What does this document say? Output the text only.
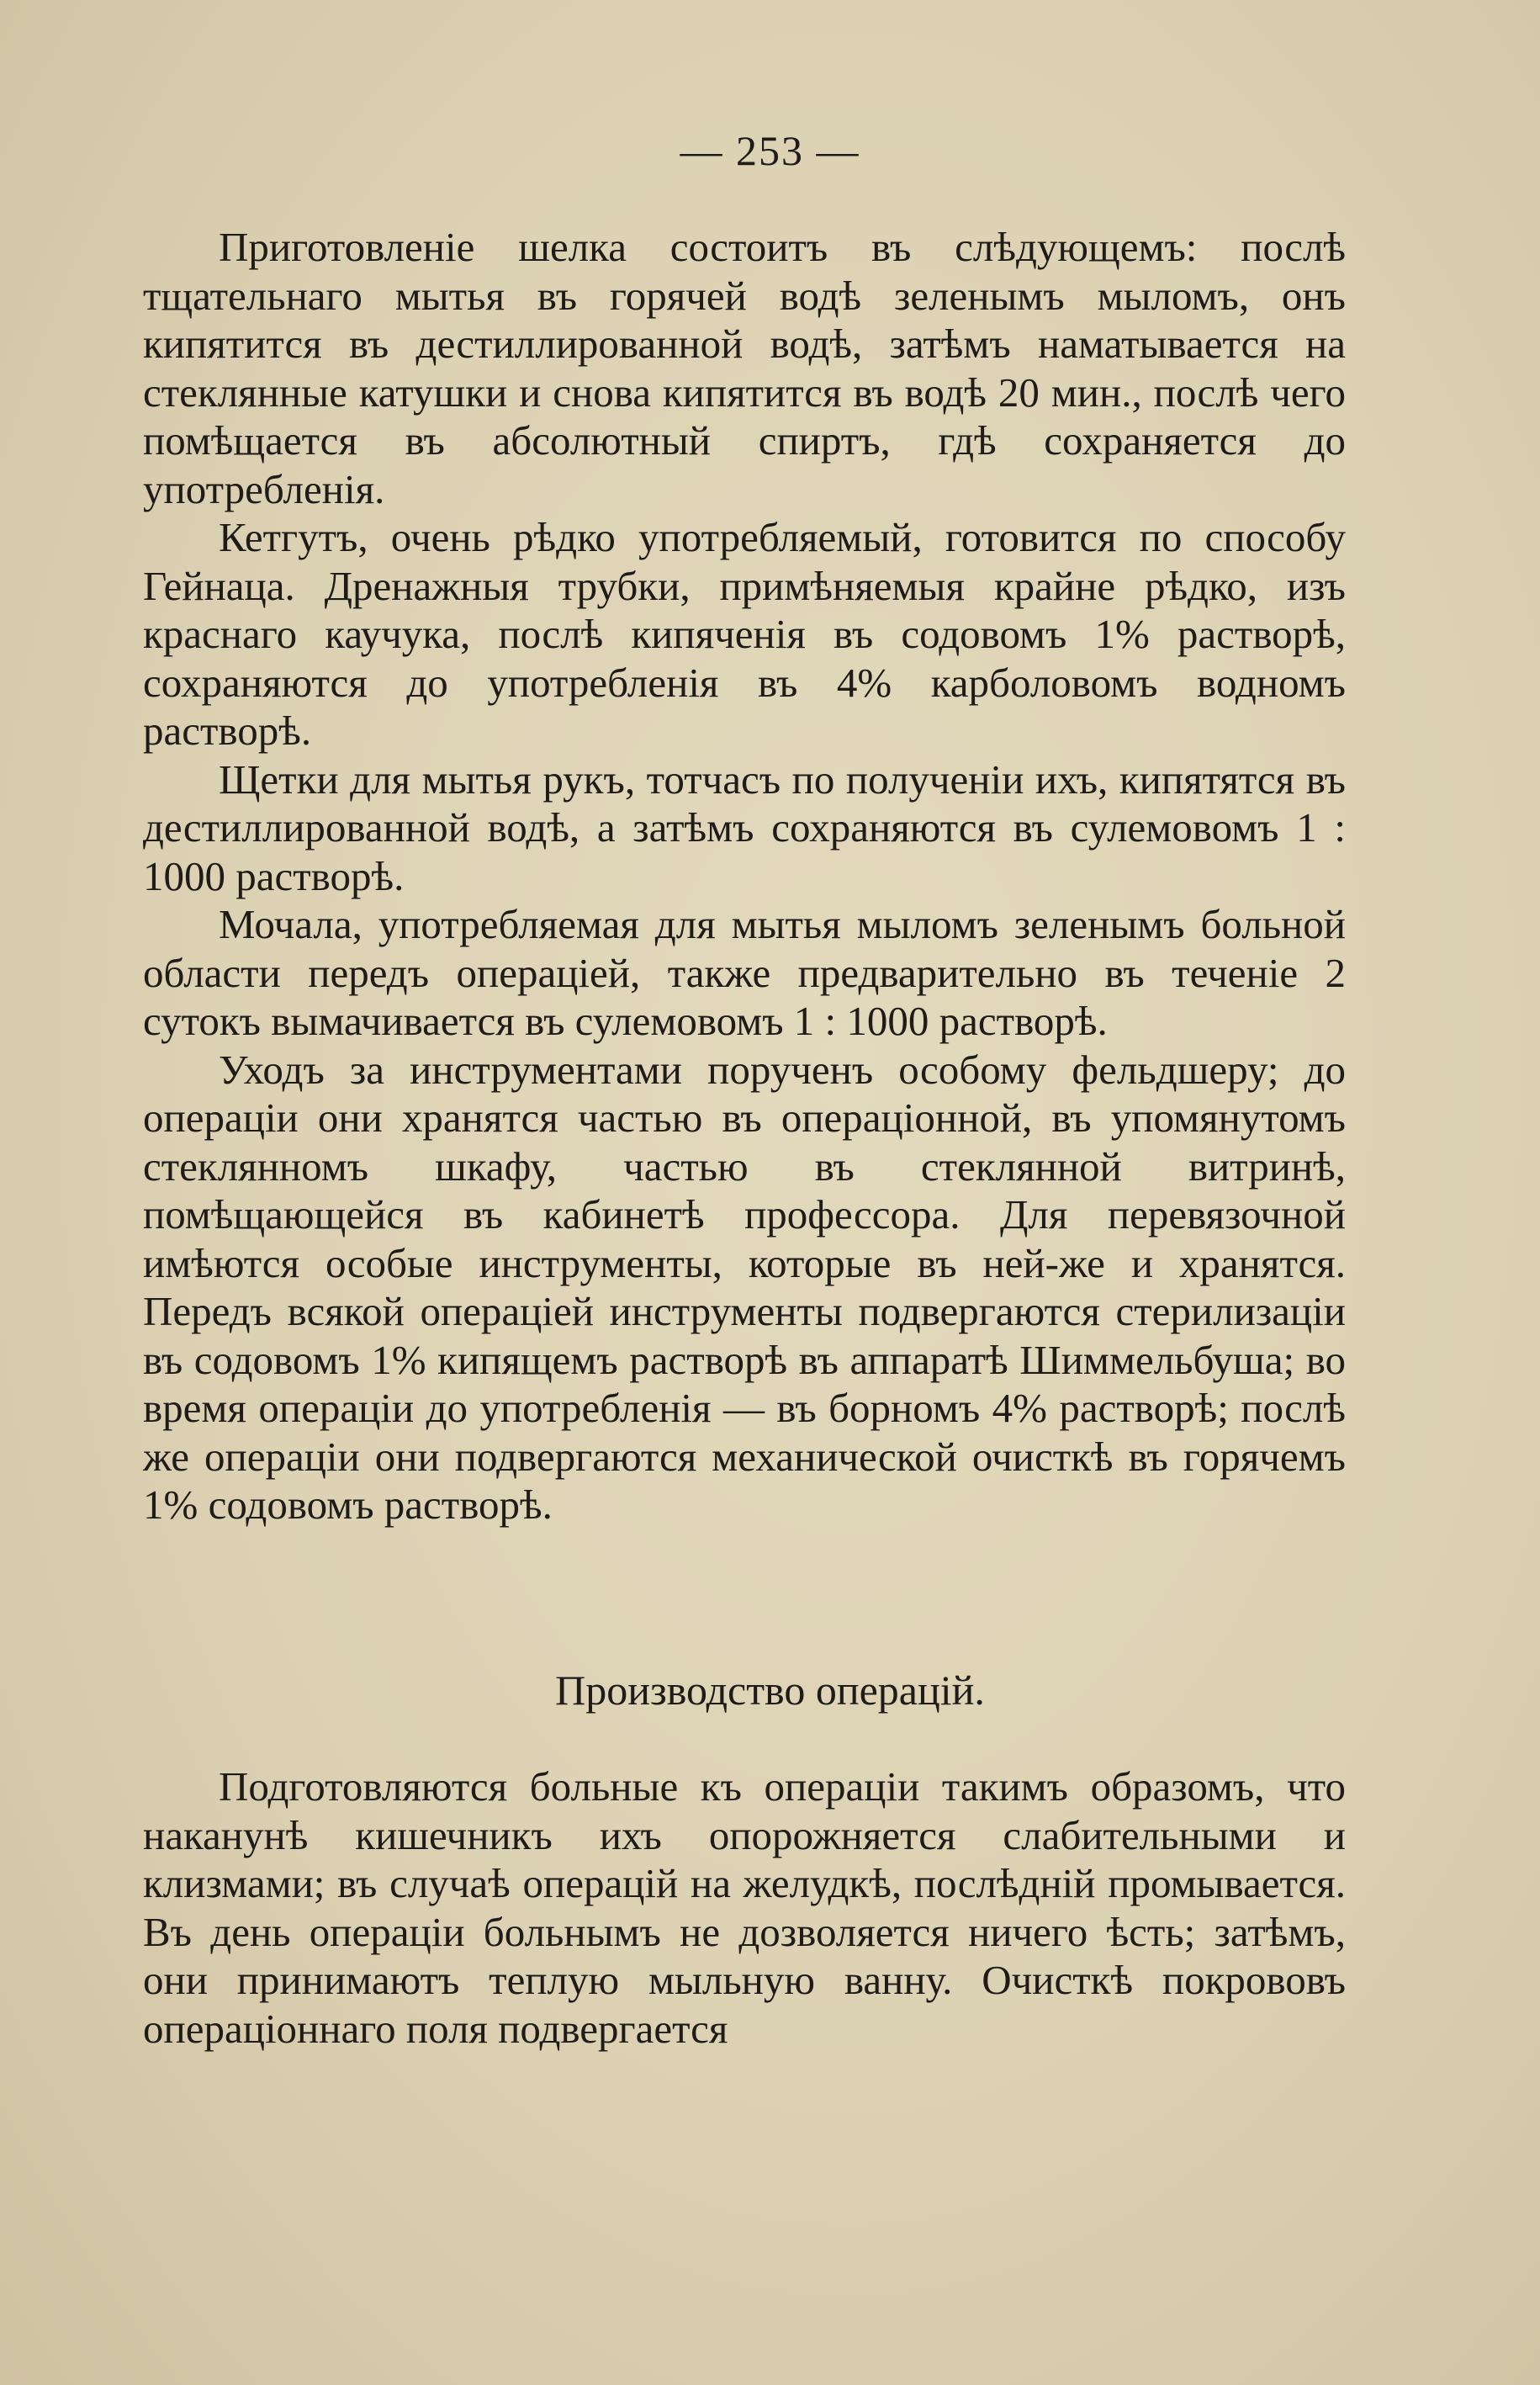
— 253 —

Приготовленіе шелка состоитъ въ слѣдующемъ: послѣ тщательнаго мытья въ горячей водѣ зеленымъ мыломъ, онъ кипятится въ дестиллированной водѣ, затѣмъ наматывается на стеклянные катушки и снова кипятится въ водѣ 20 мин., послѣ чего помѣщается въ абсолютный спиртъ, гдѣ сохраняется до употребленія.

Кетгутъ, очень рѣдко употребляемый, готовится по способу Гейнаца. Дренажныя трубки, примѣняемыя крайне рѣдко, изъ краснаго каучука, послѣ кипяченія въ содовомъ 1% растворѣ, сохраняются до употребленія въ 4% карболовомъ водномъ растворѣ.

Щетки для мытья рукъ, тотчасъ по полученіи ихъ, кипятятся въ дестиллированной водѣ, а затѣмъ сохраняются въ сулемовомъ 1 : 1000 растворѣ.

Мочала, употребляемая для мытья мыломъ зеленымъ больной области передъ операціей, также предварительно въ теченіе 2 сутокъ вымачивается въ сулемовомъ 1 : 1000 растворѣ.

Уходъ за инструментами порученъ особому фельдшеру; до операціи они хранятся частью въ операціонной, въ упомянутомъ стеклянномъ шкафу, частью въ стеклянной витринѣ, помѣщающейся въ кабинетѣ профессора. Для перевязочной имѣются особые инструменты, которые въ ней-же и хранятся. Передъ всякой операціей инструменты подвергаются стерилизаціи въ содовомъ 1% кипящемъ растворѣ въ аппаратѣ Шиммельбуша; во время операціи до употребленія — въ борномъ 4% растворѣ; послѣ же операціи они подвергаются механической очисткѣ въ горячемъ 1% содовомъ растворѣ.

Производство операцій.

Подготовляются больные къ операціи такимъ образомъ, что наканунѣ кишечникъ ихъ опорожняется слабительными и клизмами; въ случаѣ операцій на желудкѣ, послѣдній промывается. Въ день операціи больнымъ не дозволяется ничего ѣсть; затѣмъ, они принимаютъ теплую мыльную ванну. Очисткѣ покрововъ операціоннаго поля подвергается
